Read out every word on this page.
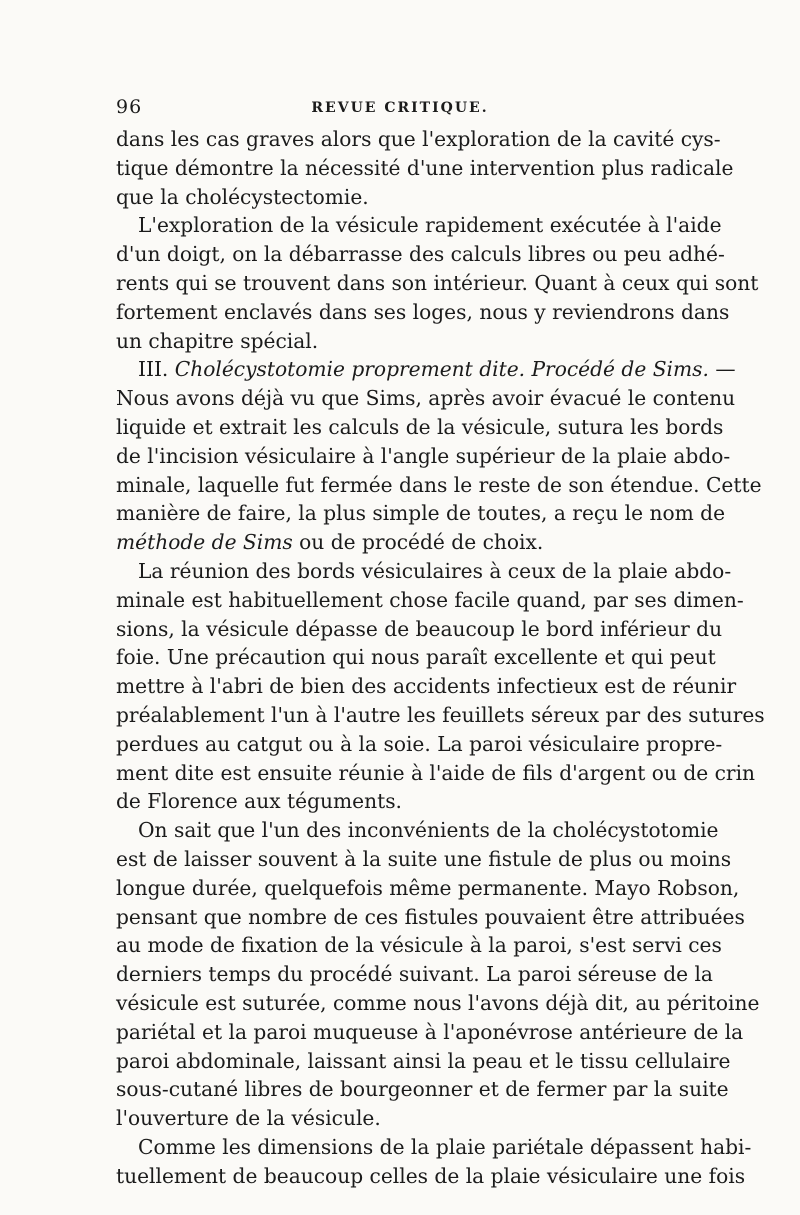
96	REVUE CRITIQUE.
dans les cas graves alors que l'exploration de la cavité cys-
tique démontre la nécessité d'une intervention plus radicale
que la cholécystectomie.
L'exploration de la vésicule rapidement exécutée à l'aide
d'un doigt, on la débarrasse des calculs libres ou peu adhé-
rents qui se trouvent dans son intérieur. Quant à ceux qui sont
fortement enclavés dans ses loges, nous y reviendrons dans
un chapitre spécial.
III. Cholécystotomie proprement dite. Procédé de Sims. —
Nous avons déjà vu que Sims, après avoir évacué le contenu
liquide et extrait les calculs de la vésicule, sutura les bords
de l'incision vésiculaire à l'angle supérieur de la plaie abdo-
minale, laquelle fut fermée dans le reste de son étendue. Cette
manière de faire, la plus simple de toutes, a reçu le nom de
méthode de Sims ou de procédé de choix.
La réunion des bords vésiculaires à ceux de la plaie abdo-
minale est habituellement chose facile quand, par ses dimen-
sions, la vésicule dépasse de beaucoup le bord inférieur du
foie. Une précaution qui nous paraît excellente et qui peut
mettre à l'abri de bien des accidents infectieux est de réunir
préalablement l'un à l'autre les feuillets séreux par des sutures
perdues au catgut ou à la soie. La paroi vésiculaire propre-
ment dite est ensuite réunie à l'aide de fils d'argent ou de crin
de Florence aux téguments.
On sait que l'un des inconvénients de la cholécystotomie
est de laisser souvent à la suite une fistule de plus ou moins
longue durée, quelquefois même permanente. Mayo Robson,
pensant que nombre de ces fistules pouvaient être attribuées
au mode de fixation de la vésicule à la paroi, s'est servi ces
derniers temps du procédé suivant. La paroi séreuse de la
vésicule est suturée, comme nous l'avons déjà dit, au péritoine
pariétal et la paroi muqueuse à l'aponévrose antérieure de la
paroi abdominale, laissant ainsi la peau et le tissu cellulaire
sous-cutané libres de bourgeonner et de fermer par la suite
l'ouverture de la vésicule.
Comme les dimensions de la plaie pariétale dépassent habi-
tuellement de beaucoup celles de la plaie vésiculaire une fois
